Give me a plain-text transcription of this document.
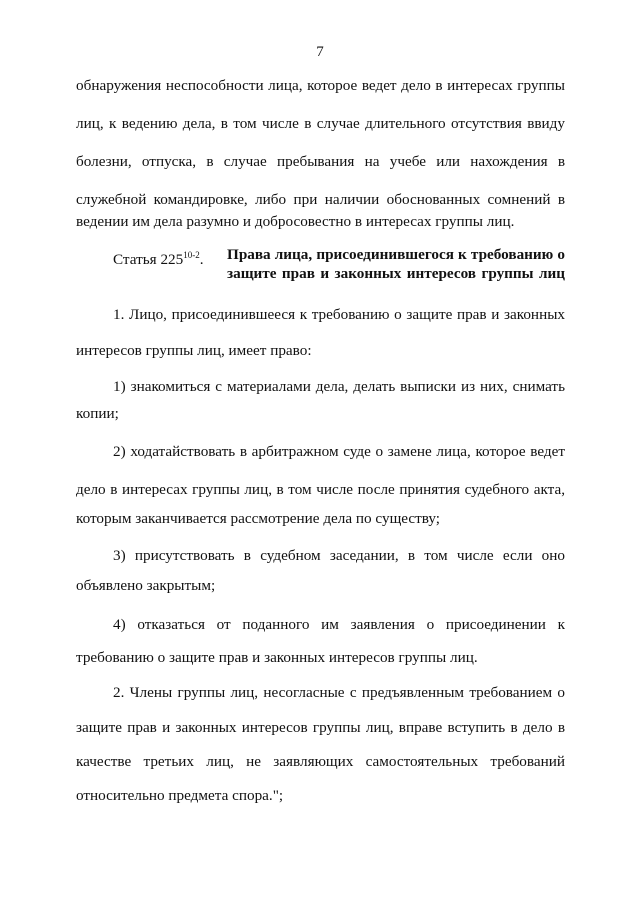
7
обнаружения неспособности лица, которое ведет дело в интересах группы
лиц, к ведению дела, в том числе в случае длительного отсутствия ввиду
болезни, отпуска, в случае пребывания на учебе или нахождения в
служебной командировке, либо при наличии обоснованных сомнений в
ведении им дела разумно и добросовестно в интересах группы лиц.
Статья 225$^{10-2}$. Права лица, присоединившегося к требованию о
защите прав и законных интересов группы лиц
1. Лицо, присоединившееся к требованию о защите прав и законных
интересов группы лиц, имеет право:
1) знакомиться с материалами дела, делать выписки из них, снимать
копии;
2) ходатайствовать в арбитражном суде о замене лица, которое ведет
дело в интересах группы лиц, в том числе после принятия судебного акта,
которым заканчивается рассмотрение дела по существу;
3) присутствовать в судебном заседании, в том числе если оно
объявлено закрытым;
4) отказаться от поданного им заявления о присоединении к
требованию о защите прав и законных интересов группы лиц.
2. Члены группы лиц, несогласные с предъявленным требованием о
защите прав и законных интересов группы лиц, вправе вступить в дело в
качестве третьих лиц, не заявляющих самостоятельных требований
относительно предмета спора.";
